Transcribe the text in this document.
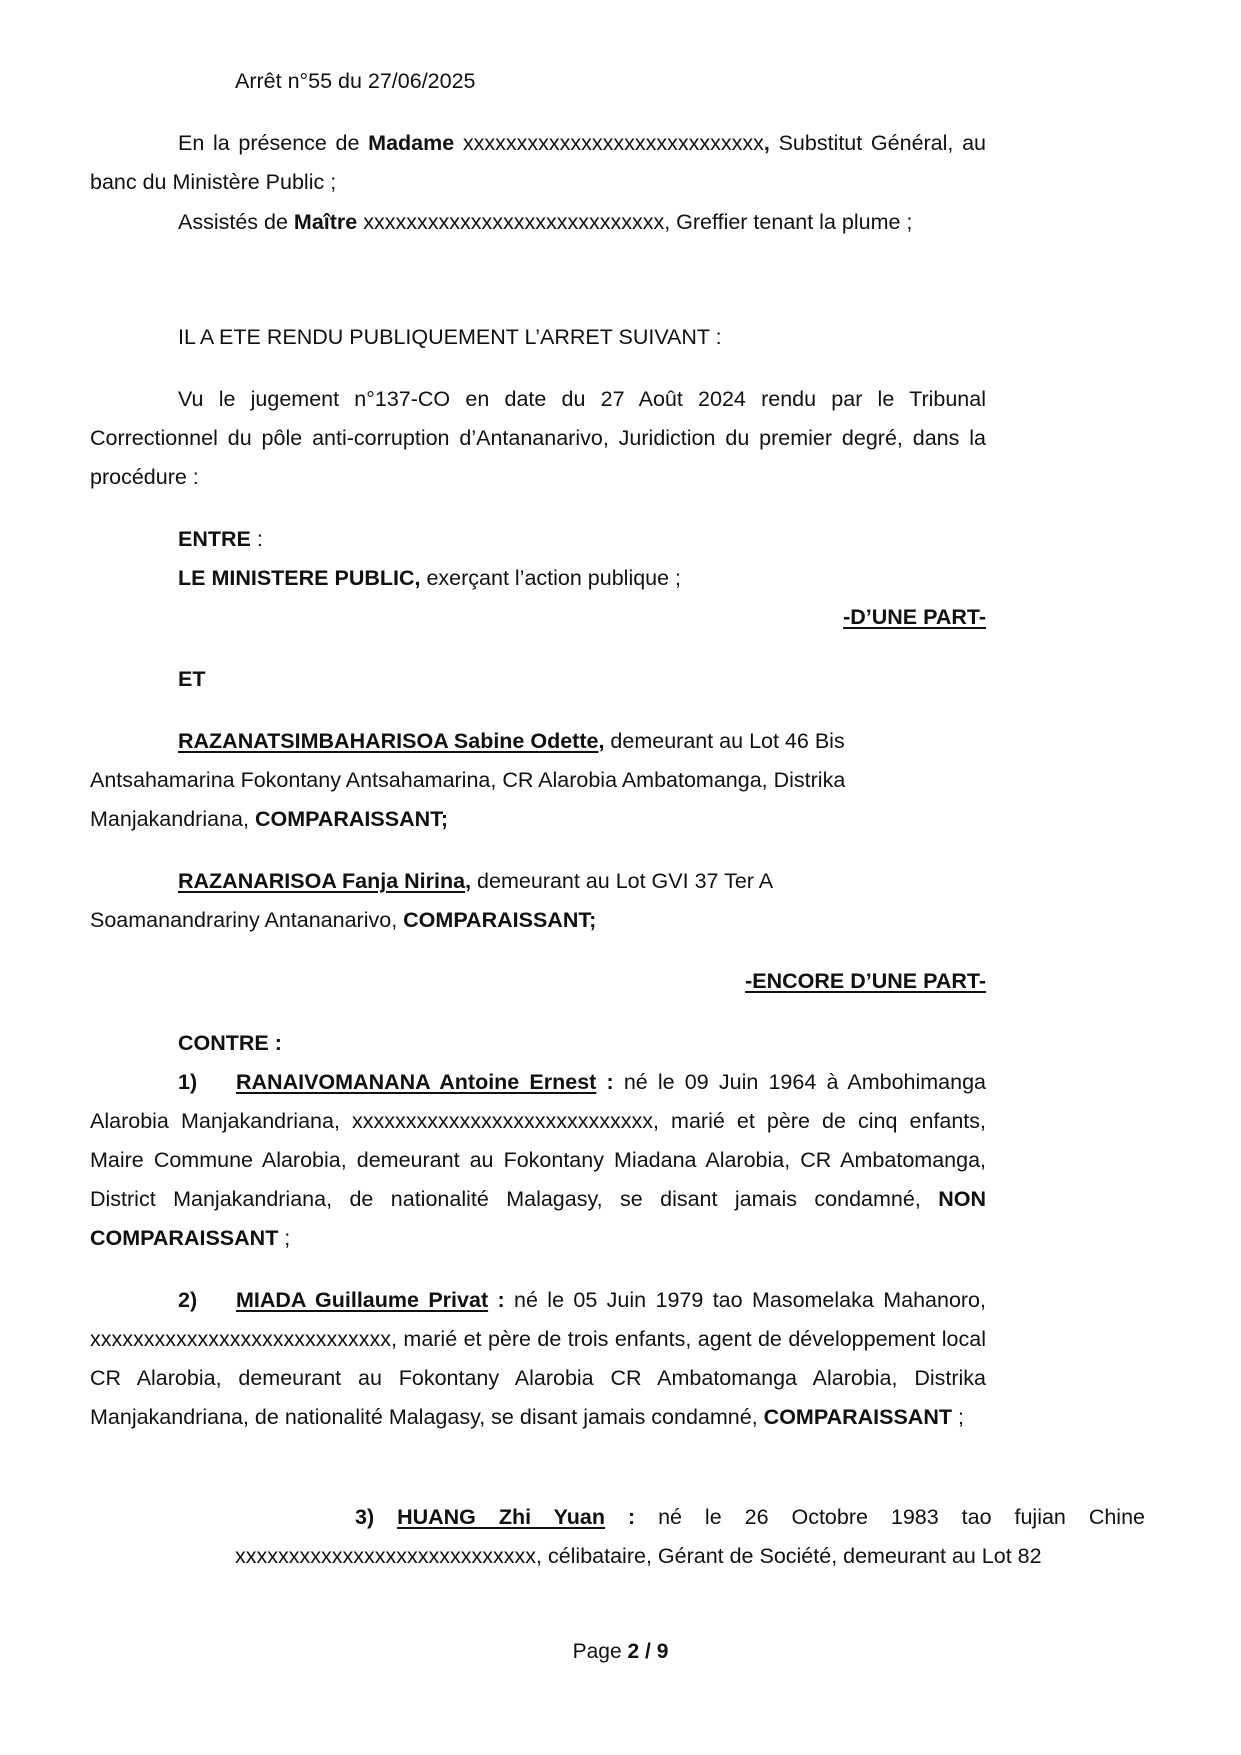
Arrêt n°55 du 27/06/2025

En la présence de Madame xxxxxxxxxxxxxxxxxxxxxxxxxxxx, Substitut Général, au banc du Ministère Public ;

Assistés de Maître xxxxxxxxxxxxxxxxxxxxxxxxxxxx, Greffier tenant la plume ;

IL A ETE RENDU PUBLIQUEMENT L’ARRET SUIVANT :

Vu le jugement n°137-CO en date du 27 Août 2024 rendu par le Tribunal Correctionnel du pôle anti-corruption d’Antananarivo, Juridiction du premier degré, dans la procédure :

ENTRE :

LE MINISTERE PUBLIC, exerçant l’action publique ;

-D’UNE PART-

ET

RAZANATSIMBAHARISOA Sabine Odette, demeurant au Lot 46 Bis

Antsahamarina Fokontany Antsahamarina, CR Alarobia Ambatomanga, Distrika

Manjakandriana, COMPARAISSANT;

RAZANARISOA Fanja Nirina, demeurant au Lot GVI 37 Ter A

Soamanandrariny Antananarivo, COMPARAISSANT;

-ENCORE D’UNE PART-

CONTRE :

1) RANAIVOMANANA Antoine Ernest : né le 09 Juin 1964 à Ambohimanga Alarobia Manjakandriana, xxxxxxxxxxxxxxxxxxxxxxxxxxxx, marié et père de cinq enfants, Maire Commune Alarobia, demeurant au Fokontany Miadana Alarobia, CR Ambatomanga, District Manjakandriana, de nationalité Malagasy, se disant jamais condamné, NON COMPARAISSANT ;

2) MIADA Guillaume Privat : né le 05 Juin 1979 tao Masomelaka Mahanoro, xxxxxxxxxxxxxxxxxxxxxxxxxxxx, marié et père de trois enfants, agent de développement local CR Alarobia, demeurant au Fokontany Alarobia CR Ambatomanga Alarobia, Distrika Manjakandriana, de nationalité Malagasy, se disant jamais condamné, COMPARAISSANT ;

3) HUANG Zhi Yuan : né le 26 Octobre 1983 tao fujian Chine xxxxxxxxxxxxxxxxxxxxxxxxxxxx, célibataire, Gérant de Société, demeurant au Lot 82

Page 2 / 9
